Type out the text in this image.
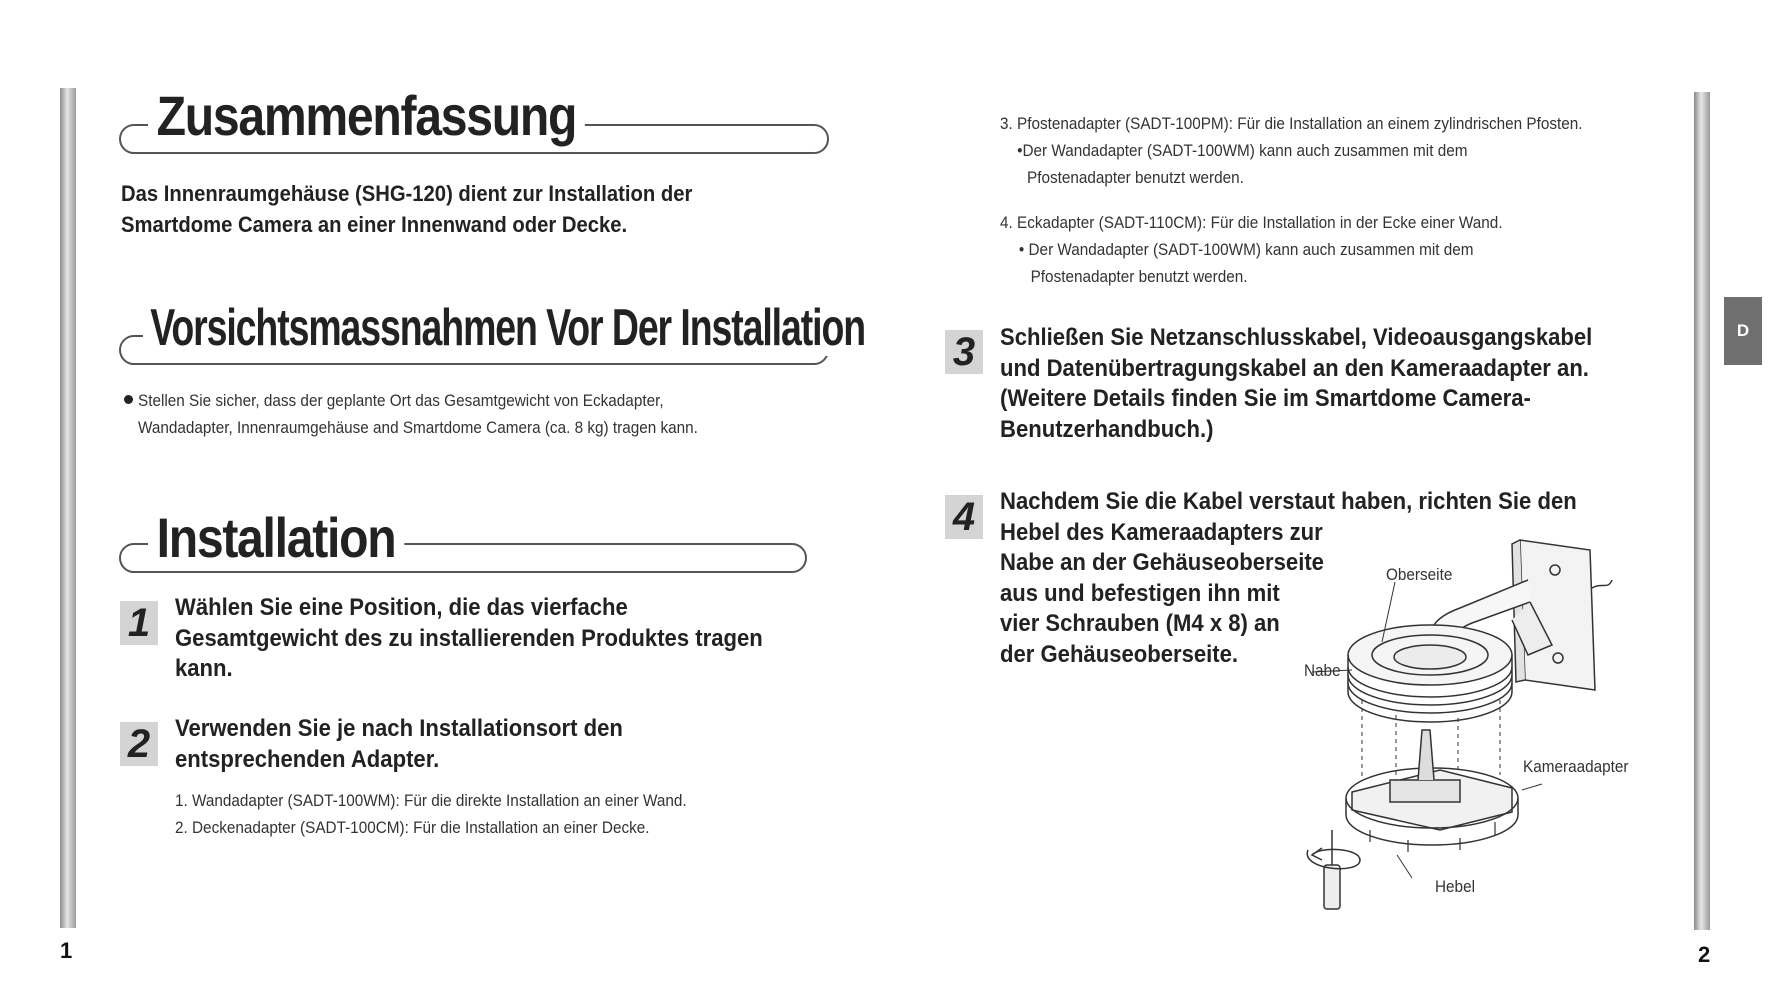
1	2
D
Zusammenfassung
Das Innenraumgehäuse (SHG-120) dient zur Installation der
Smartdome Camera an einer Innenwand oder Decke.
Vorsichtsmassnahmen Vor Der Installation
Stellen Sie sicher, dass der geplante Ort das Gesamtgewicht von Eckadapter,
Wandadapter, Innenraumgehäuse and Smartdome Camera (ca. 8 kg) tragen kann.
Installation
1	Wählen Sie eine Position, die das vierfache
Gesamtgewicht des zu installierenden Produktes tragen
kann.
2	Verwenden Sie je nach Installationsort den
entsprechenden Adapter.
1. Wandadapter (SADT-100WM): Für die direkte Installation an einer Wand.
2. Deckenadapter (SADT-100CM): Für die Installation an einer Decke.
3. Pfostenadapter (SADT-100PM): Für die Installation an einem zylindrischen Pfosten.
•Der Wandadapter (SADT-100WM) kann auch zusammen mit dem
Pfostenadapter benutzt werden.
4. Eckadapter (SADT-110CM): Für die Installation in der Ecke einer Wand.
• Der Wandadapter (SADT-100WM) kann auch zusammen mit dem
Pfostenadapter benutzt werden.
3	Schließen Sie Netzanschlusskabel, Videoausgangskabel
und Datenübertragungskabel an den Kameraadapter an.
(Weitere Details finden Sie im Smartdome Camera-
Benutzerhandbuch.)
4	Nachdem Sie die Kabel verstaut haben, richten Sie den
Hebel des Kameraadapters zur
Nabe an der Gehäuseoberseite
aus und befestigen ihn mit
vier Schrauben (M4 x 8) an
der Gehäuseoberseite.
Oberseite
Nabe
Kameraadapter
Hebel
